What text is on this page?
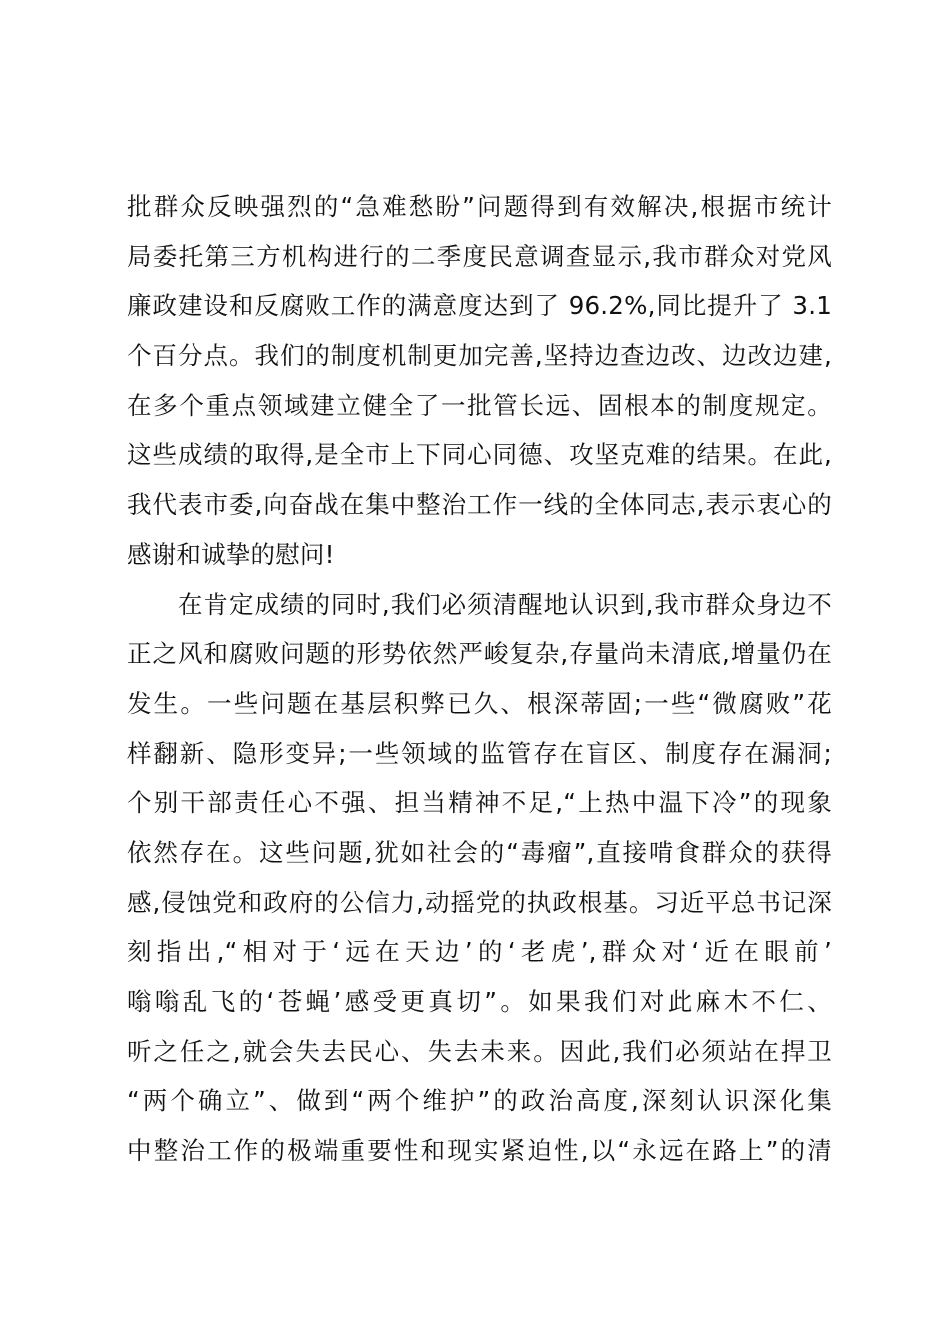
批群众反映强烈的“急难愁盼”问题得到有效解决,根据市统计
局委托第三方机构进行的二季度民意调查显示,我市群众对党风
廉政建设和反腐败工作的满意度达到了 96.2%,同比提升了 3.1
个百分点。我们的制度机制更加完善,坚持边查边改、边改边建,
在多个重点领域建立健全了一批管长远、固根本的制度规定。
这些成绩的取得,是全市上下同心同德、攻坚克难的结果。在此,
我代表市委,向奋战在集中整治工作一线的全体同志,表示衷心的
感谢和诚挚的慰问!
在肯定成绩的同时,我们必须清醒地认识到,我市群众身边不
正之风和腐败问题的形势依然严峻复杂,存量尚未清底,增量仍在
发生。一些问题在基层积弊已久、根深蒂固;一些“微腐败”花
样翻新、隐形变异;一些领域的监管存在盲区、制度存在漏洞;
个别干部责任心不强、担当精神不足,“上热中温下冷”的现象
依然存在。这些问题,犹如社会的“毒瘤”,直接啃食群众的获得
感,侵蚀党和政府的公信力,动摇党的执政根基。习近平总书记深
刻指出,“相对于‘远在天边’的‘老虎’,群众对‘近在眼前’
嗡嗡乱飞的‘苍蝇’感受更真切”。如果我们对此麻木不仁、
听之任之,就会失去民心、失去未来。因此,我们必须站在捍卫
“两个确立”、做到“两个维护”的政治高度,深刻认识深化集
中整治工作的极端重要性和现实紧迫性,以“永远在路上”的清
